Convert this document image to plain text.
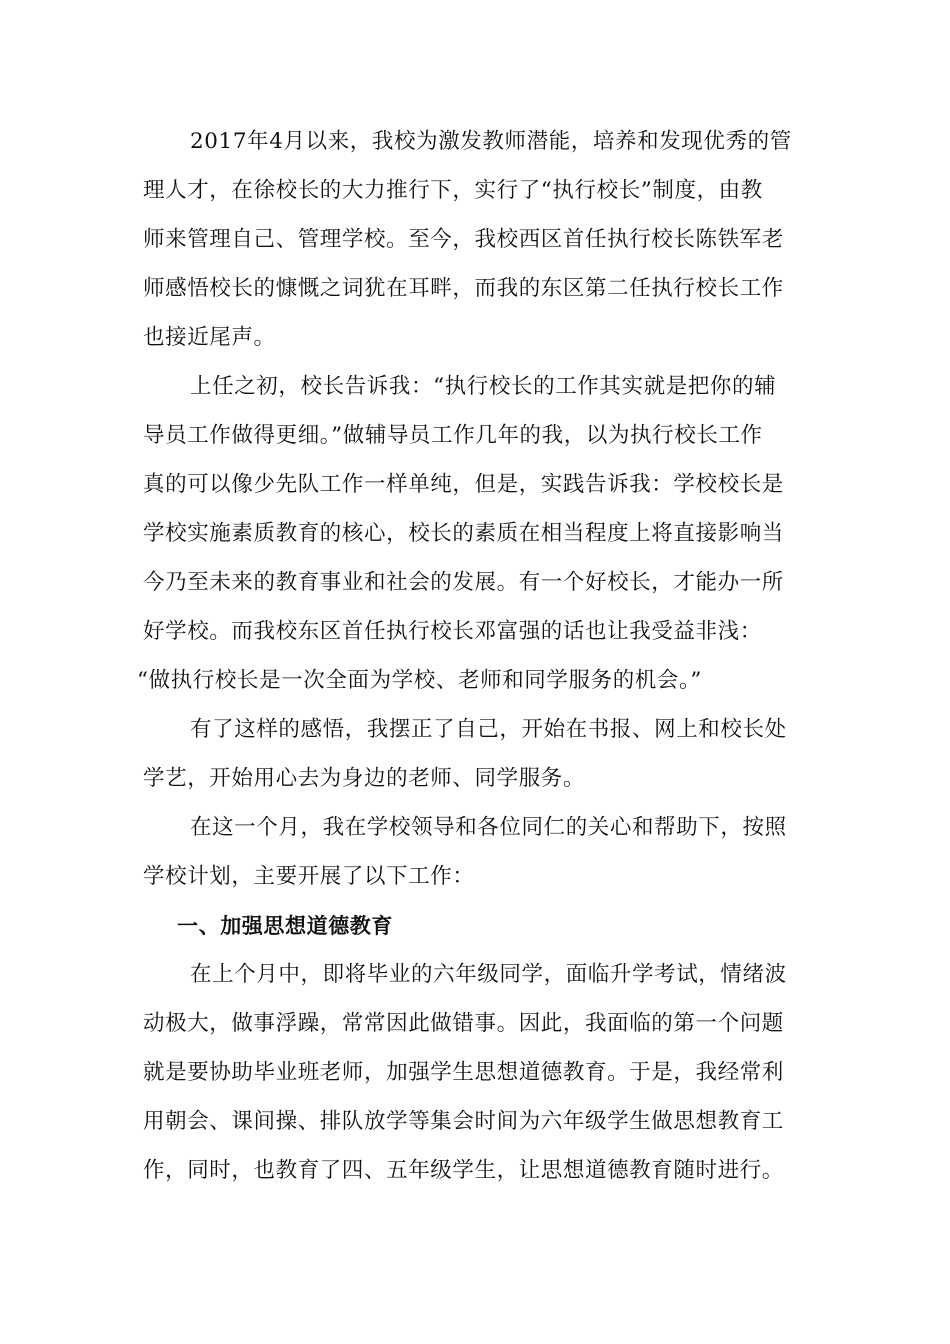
2017年4月以来，我校为激发教师潜能，培养和发现优秀的管
理人才，在徐校长的大力推行下，实行了“执行校长”制度，由教
师来管理自己、管理学校。至今，我校西区首任执行校长陈铁军老
师感悟校长的慷慨之词犹在耳畔，而我的东区第二任执行校长工作
也接近尾声。
上任之初，校长告诉我：“执行校长的工作其实就是把你的辅
导员工作做得更细。”做辅导员工作几年的我，以为执行校长工作
真的可以像少先队工作一样单纯，但是，实践告诉我：学校校长是
学校实施素质教育的核心，校长的素质在相当程度上将直接影响当
今乃至未来的教育事业和社会的发展。有一个好校长，才能办一所
好学校。而我校东区首任执行校长邓富强的话也让我受益非浅：
“做执行校长是一次全面为学校、老师和同学服务的机会。”
有了这样的感悟，我摆正了自己，开始在书报、网上和校长处
学艺，开始用心去为身边的老师、同学服务。
在这一个月，我在学校领导和各位同仁的关心和帮助下，按照
学校计划，主要开展了以下工作：
一、加强思想道德教育
在上个月中，即将毕业的六年级同学，面临升学考试，情绪波
动极大，做事浮躁，常常因此做错事。因此，我面临的第一个问题
就是要协助毕业班老师，加强学生思想道德教育。于是，我经常利
用朝会、课间操、排队放学等集会时间为六年级学生做思想教育工
作，同时，也教育了四、五年级学生，让思想道德教育随时进行。
